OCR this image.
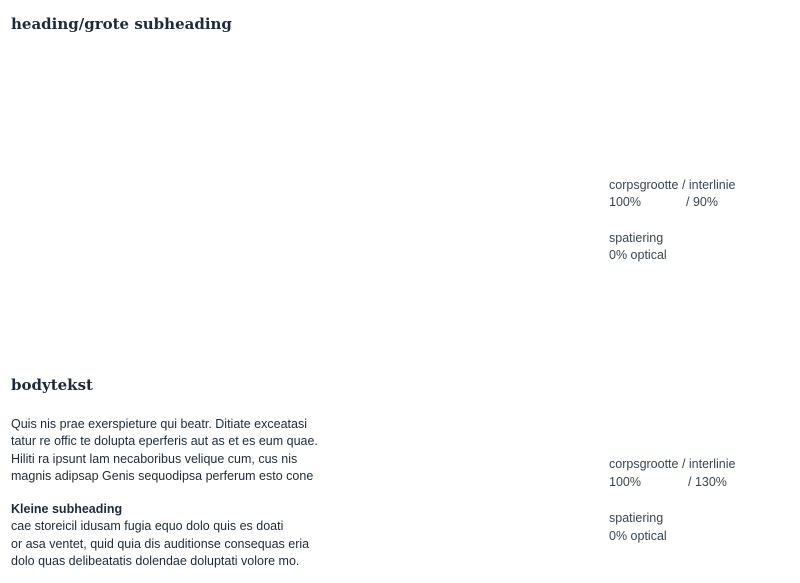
heading/grote subheading
corpsgrootte / interlinie
100%	/ 90%
spatiering
0% optical
bodytekst
Quis nis prae exerspieture qui beatr. Ditiate exceatasi
tatur re offic te dolupta eperferis aut as et es eum quae.
Hiliti ra ipsunt lam necaboribus velique cum, cus nis
magnis adipsap Genis sequodipsa perferum esto cone
Kleine subheading
cae storeicil idusam fugia equo dolo quis es doati
or asa ventet, quid quia dis auditionse consequas eria
dolo quas delibeatatis dolendae doluptati volore mo.
corpsgrootte / interlinie
100%	/ 130%
spatiering
0% optical
